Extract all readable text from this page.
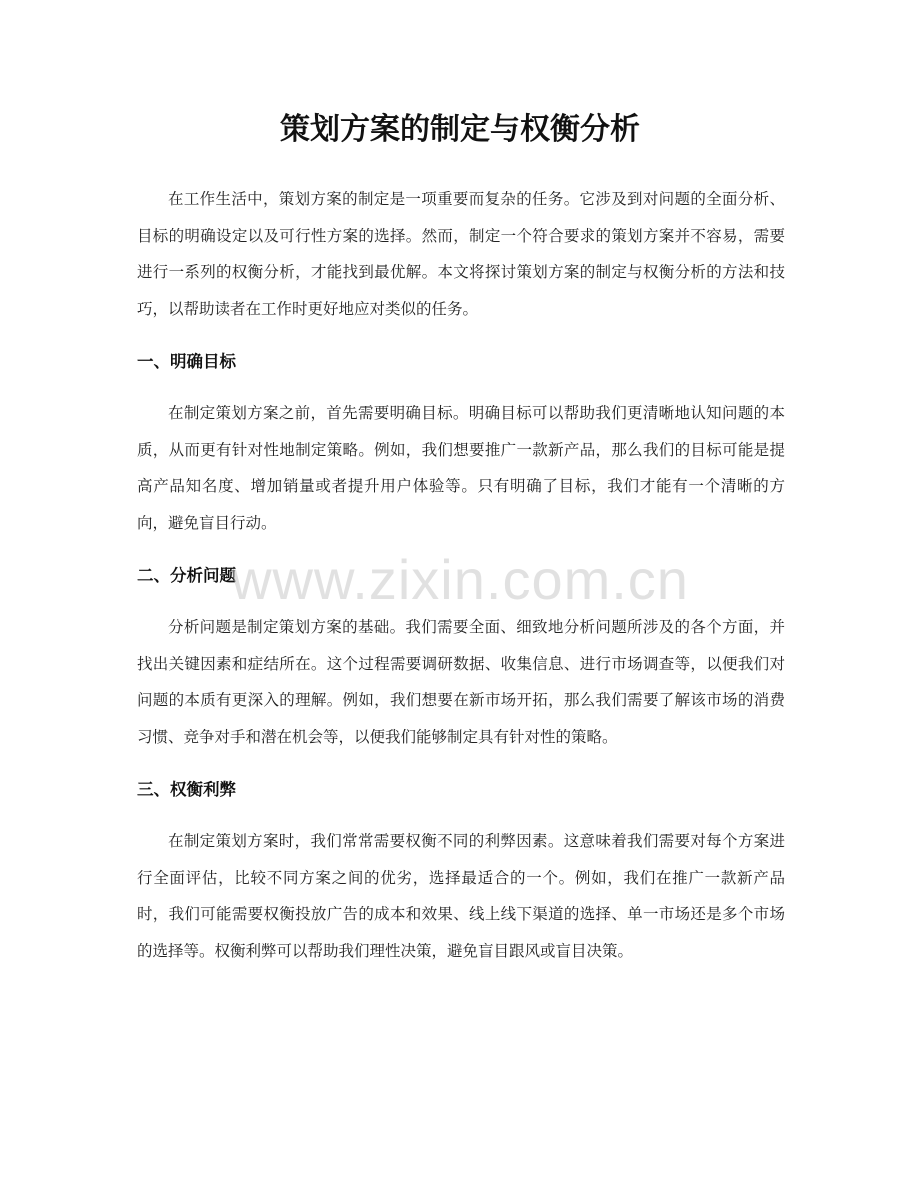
策划方案的制定与权衡分析

在工作生活中，策划方案的制定是一项重要而复杂的任务。它涉及到对问题的全面分析、目标的明确设定以及可行性方案的选择。然而，制定一个符合要求的策划方案并不容易，需要进行一系列的权衡分析，才能找到最优解。本文将探讨策划方案的制定与权衡分析的方法和技巧，以帮助读者在工作时更好地应对类似的任务。

一、明确目标

在制定策划方案之前，首先需要明确目标。明确目标可以帮助我们更清晰地认知问题的本质，从而更有针对性地制定策略。例如，我们想要推广一款新产品，那么我们的目标可能是提高产品知名度、增加销量或者提升用户体验等。只有明确了目标，我们才能有一个清晰的方向，避免盲目行动。

二、分析问题

分析问题是制定策划方案的基础。我们需要全面、细致地分析问题所涉及的各个方面，并找出关键因素和症结所在。这个过程需要调研数据、收集信息、进行市场调查等，以便我们对问题的本质有更深入的理解。例如，我们想要在新市场开拓，那么我们需要了解该市场的消费习惯、竞争对手和潜在机会等，以便我们能够制定具有针对性的策略。

三、权衡利弊

在制定策划方案时，我们常常需要权衡不同的利弊因素。这意味着我们需要对每个方案进行全面评估，比较不同方案之间的优劣，选择最适合的一个。例如，我们在推广一款新产品时，我们可能需要权衡投放广告的成本和效果、线上线下渠道的选择、单一市场还是多个市场的选择等。权衡利弊可以帮助我们理性决策，避免盲目跟风或盲目决策。

www.zixin.com.cn
